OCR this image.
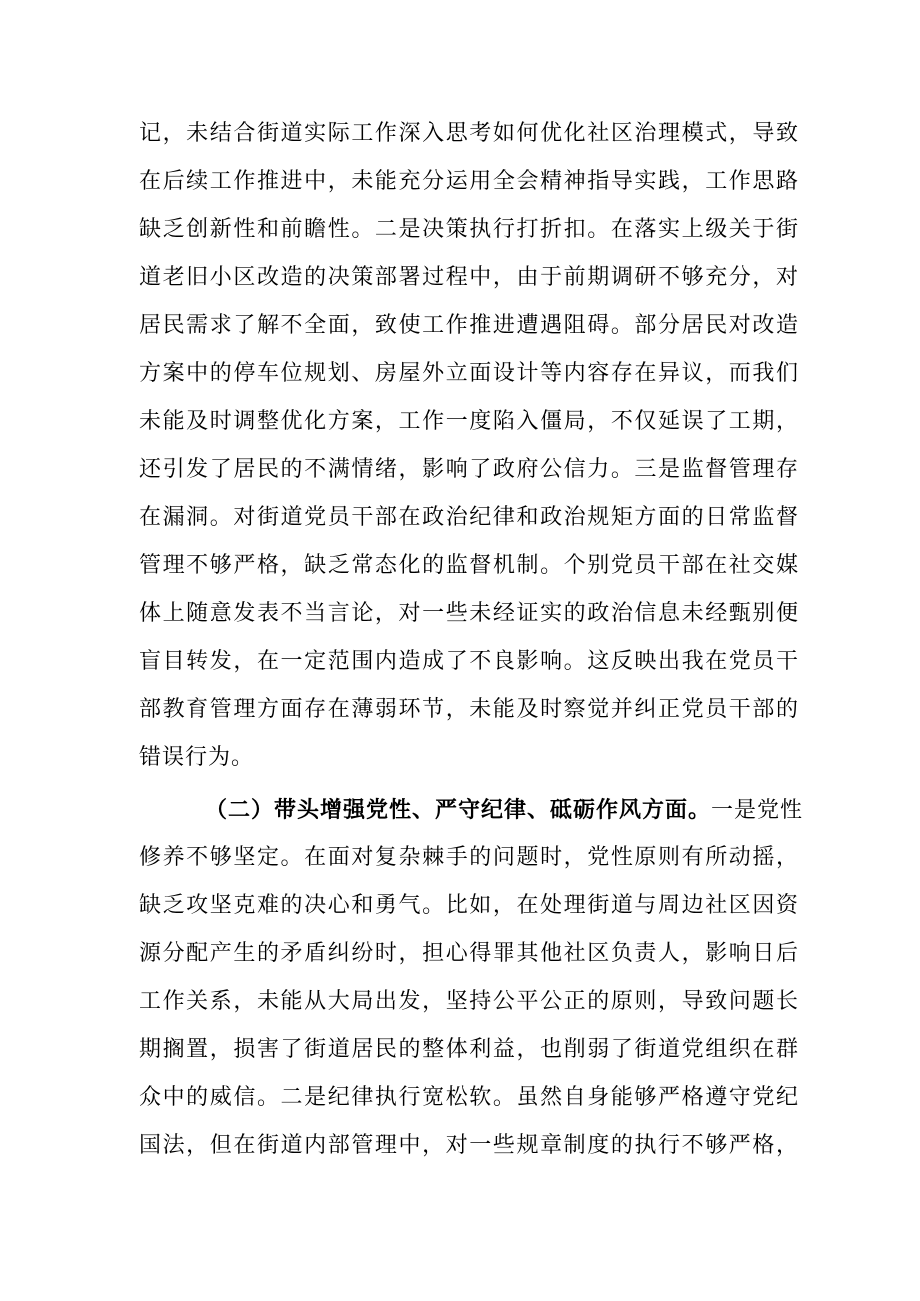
记，未结合街道实际工作深入思考如何优化社区治理模式，导致
在后续工作推进中，未能充分运用全会精神指导实践，工作思路
缺乏创新性和前瞻性。二是决策执行打折扣。在落实上级关于街
道老旧小区改造的决策部署过程中，由于前期调研不够充分，对
居民需求了解不全面，致使工作推进遭遇阻碍。部分居民对改造
方案中的停车位规划、房屋外立面设计等内容存在异议，而我们
未能及时调整优化方案，工作一度陷入僵局，不仅延误了工期，
还引发了居民的不满情绪，影响了政府公信力。三是监督管理存
在漏洞。对街道党员干部在政治纪律和政治规矩方面的日常监督
管理不够严格，缺乏常态化的监督机制。个别党员干部在社交媒
体上随意发表不当言论，对一些未经证实的政治信息未经甄别便
盲目转发，在一定范围内造成了不良影响。这反映出我在党员干
部教育管理方面存在薄弱环节，未能及时察觉并纠正党员干部的
错误行为。
（二）带头增强党性、严守纪律、砥砺作风方面。一是党性
修养不够坚定。在面对复杂棘手的问题时，党性原则有所动摇，
缺乏攻坚克难的决心和勇气。比如，在处理街道与周边社区因资
源分配产生的矛盾纠纷时，担心得罪其他社区负责人，影响日后
工作关系，未能从大局出发，坚持公平公正的原则，导致问题长
期搁置，损害了街道居民的整体利益，也削弱了街道党组织在群
众中的威信。二是纪律执行宽松软。虽然自身能够严格遵守党纪
国法，但在街道内部管理中，对一些规章制度的执行不够严格，
